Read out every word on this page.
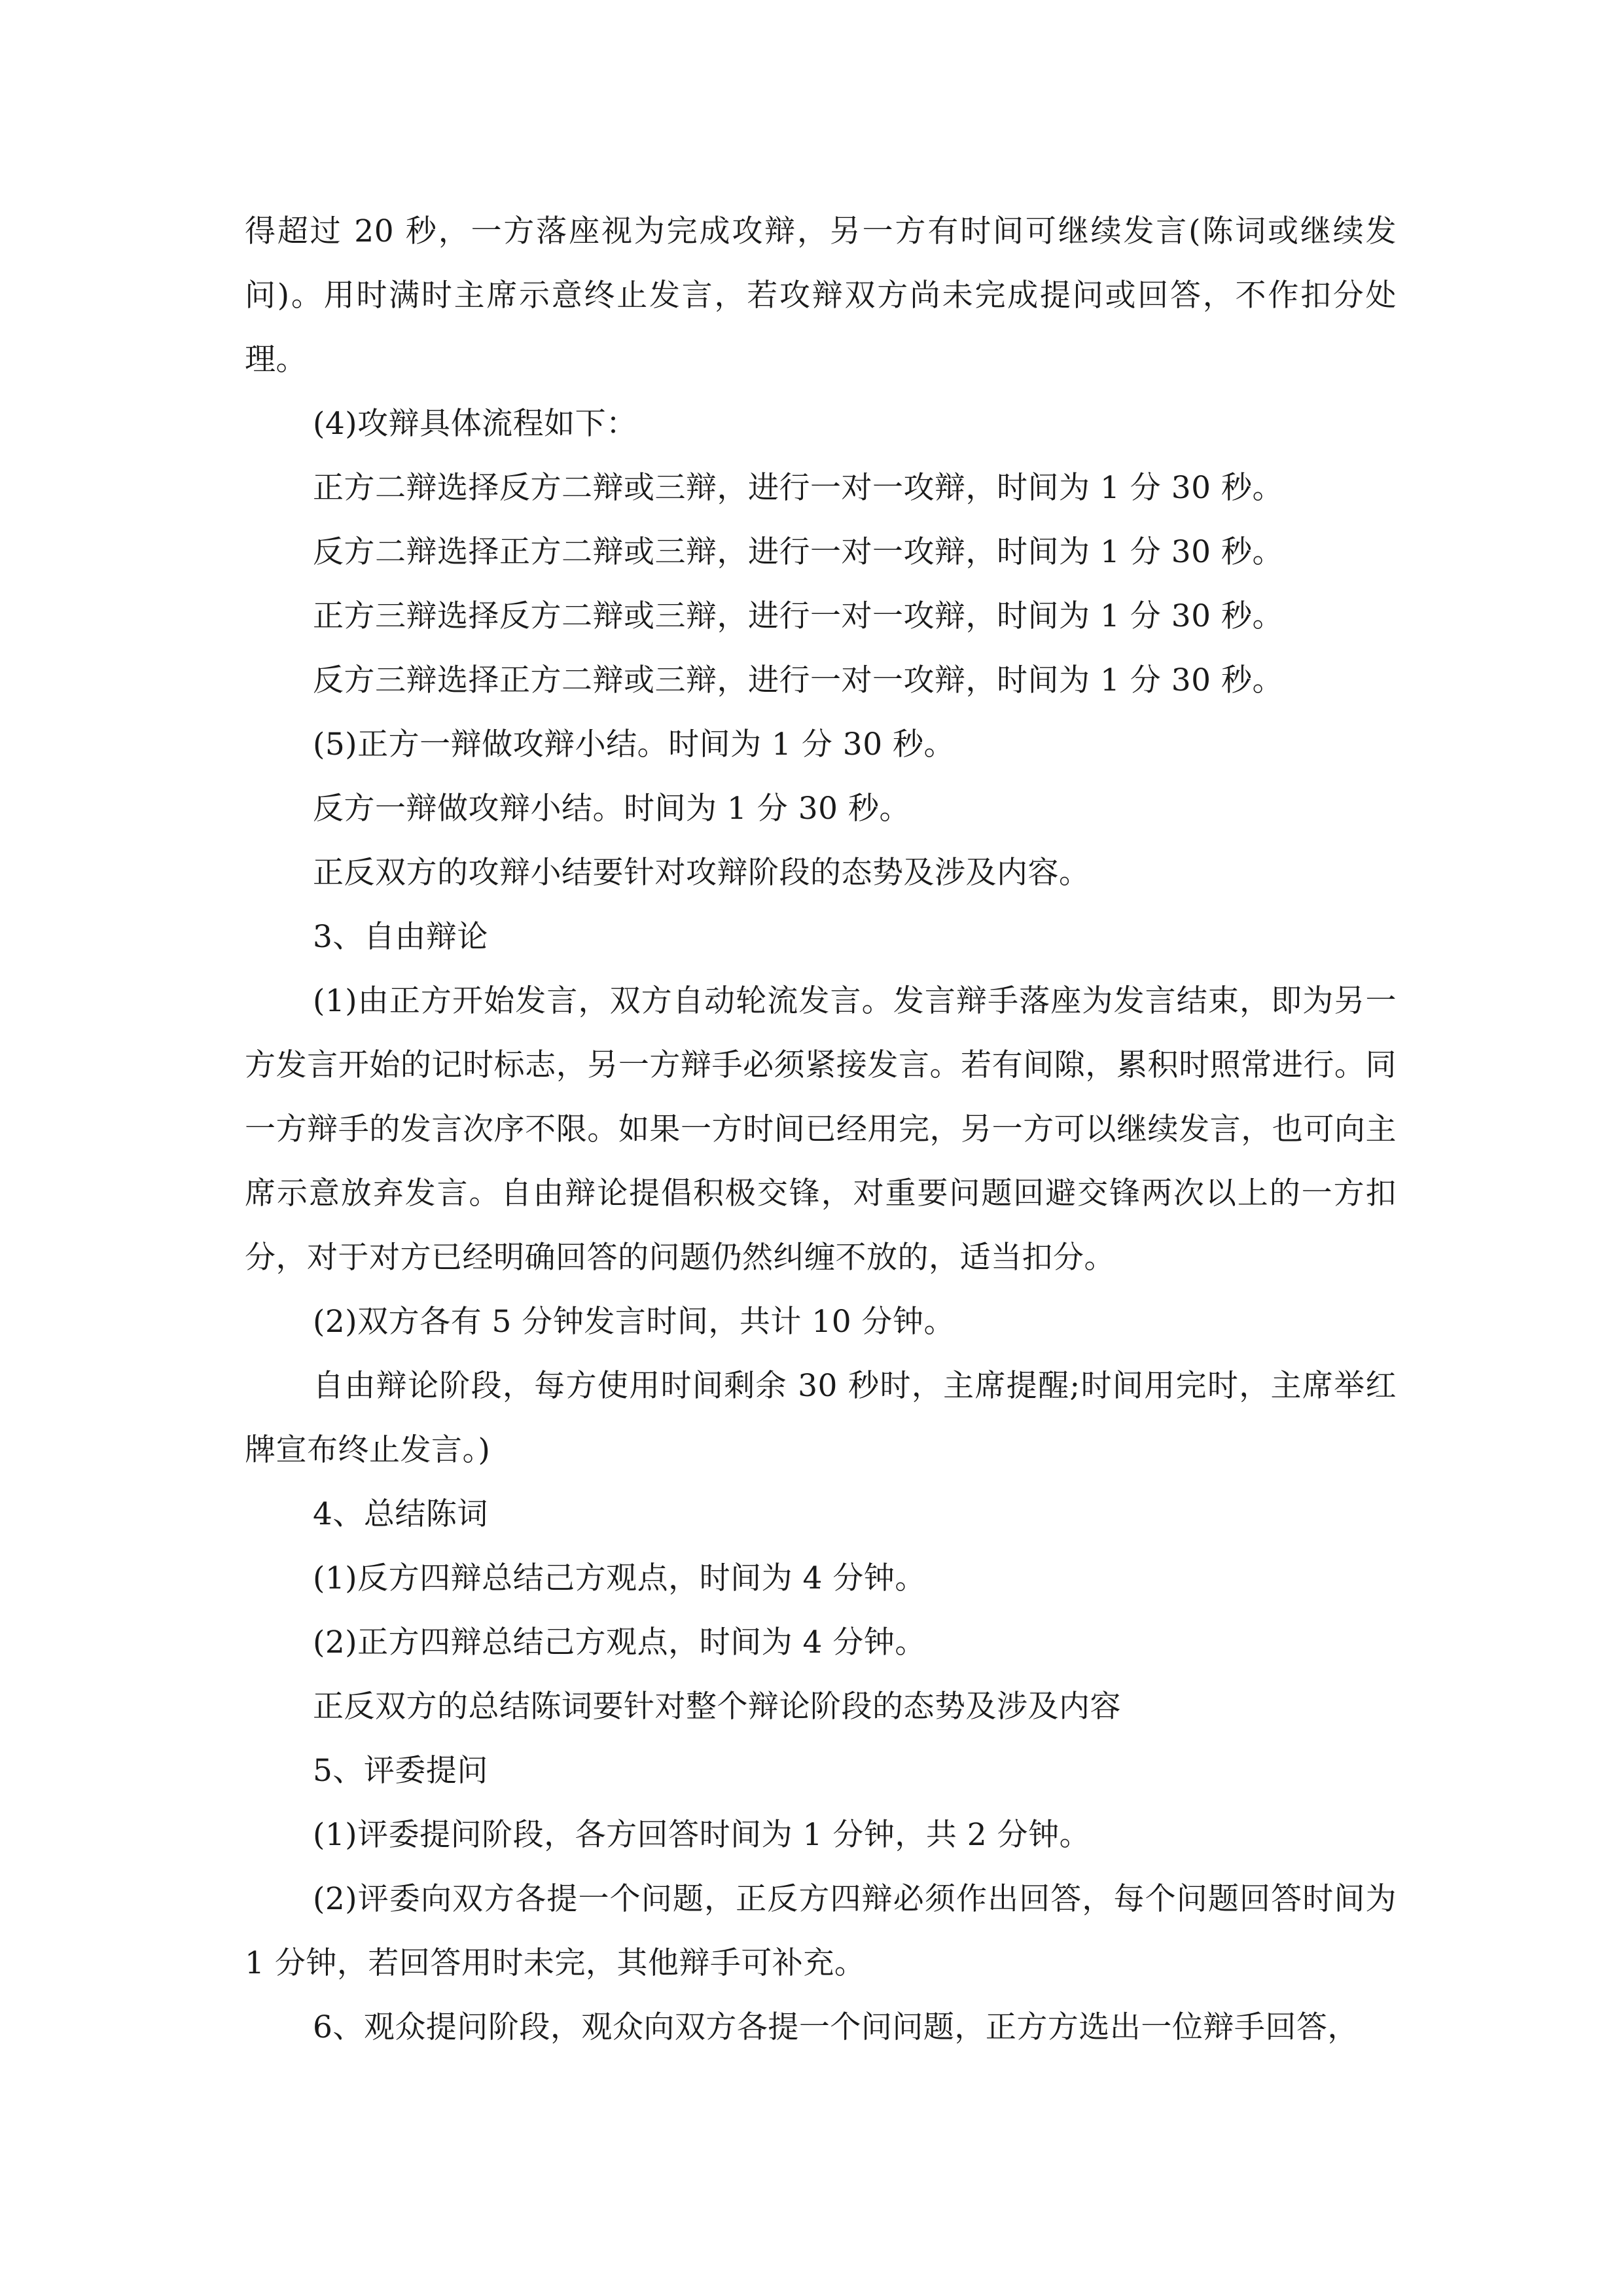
得超过 20 秒，一方落座视为完成攻辩，另一方有时间可继续发言(陈词或继续发问)。用时满时主席示意终止发言，若攻辩双方尚未完成提问或回答，不作扣分处理。

(4)攻辩具体流程如下：

正方二辩选择反方二辩或三辩，进行一对一攻辩，时间为 1 分 30 秒。

反方二辩选择正方二辩或三辩，进行一对一攻辩，时间为 1 分 30 秒。

正方三辩选择反方二辩或三辩，进行一对一攻辩，时间为 1 分 30 秒。

反方三辩选择正方二辩或三辩，进行一对一攻辩，时间为 1 分 30 秒。

(5)正方一辩做攻辩小结。时间为 1 分 30 秒。

反方一辩做攻辩小结。时间为 1 分 30 秒。

正反双方的攻辩小结要针对攻辩阶段的态势及涉及内容。

3、自由辩论

(1)由正方开始发言，双方自动轮流发言。发言辩手落座为发言结束，即为另一方发言开始的记时标志，另一方辩手必须紧接发言。若有间隙，累积时照常进行。同一方辩手的发言次序不限。如果一方时间已经用完，另一方可以继续发言，也可向主席示意放弃发言。自由辩论提倡积极交锋，对重要问题回避交锋两次以上的一方扣分，对于对方已经明确回答的问题仍然纠缠不放的，适当扣分。

(2)双方各有 5 分钟发言时间，共计 10 分钟。

自由辩论阶段，每方使用时间剩余 30 秒时，主席提醒;时间用完时，主席举红牌宣布终止发言。)

4、总结陈词

(1)反方四辩总结己方观点，时间为 4 分钟。

(2)正方四辩总结己方观点，时间为 4 分钟。

正反双方的总结陈词要针对整个辩论阶段的态势及涉及内容

5、评委提问

(1)评委提问阶段，各方回答时间为 1 分钟，共 2 分钟。

(2)评委向双方各提一个问题，正反方四辩必须作出回答，每个问题回答时间为 1 分钟，若回答用时未完，其他辩手可补充。

6、观众提问阶段，观众向双方各提一个问问题，正方方选出一位辩手回答，
